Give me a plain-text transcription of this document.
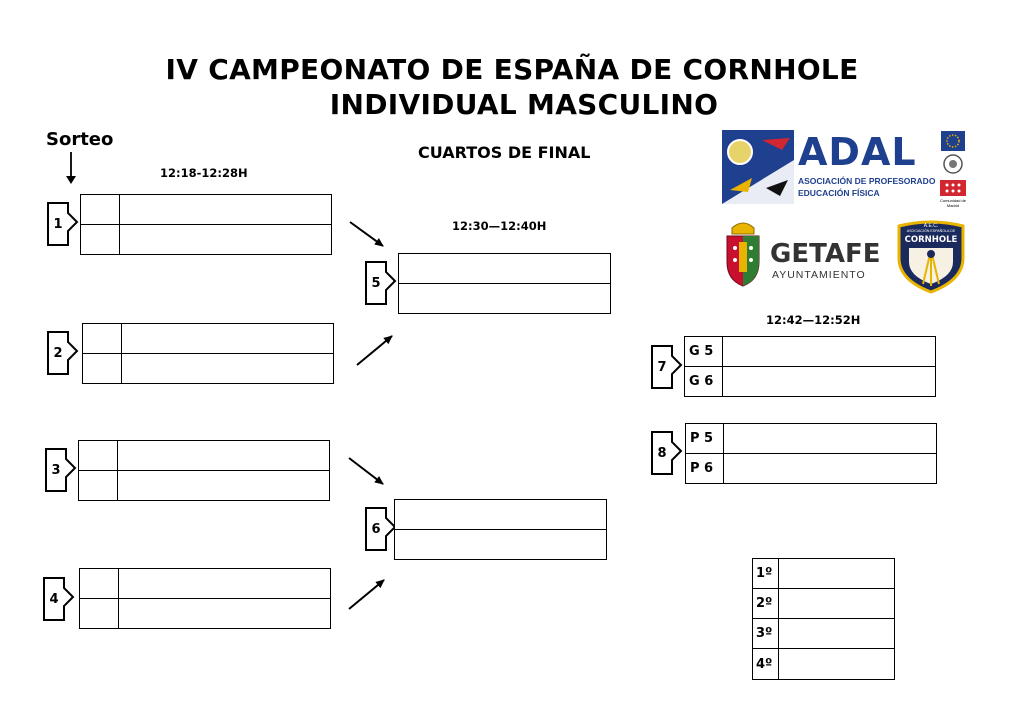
IV CAMPEONATO DE ESPAÑA DE CORNHOLE
INDIVIDUAL MASCULINO
Sorteo
CUARTOS DE FINAL
12:18-12:28H
12:30—12:40H
12:42—12:52H
1
2
3
4
5
6
7
G 5
G 6
8
P 5
P 6
1º
2º
3º
4º
ADAL
ASOCIACIÓN DE PROFESORADO
EDUCACIÓN FÍSICA
Comunidad de Madrid
GETAFE
AYUNTAMIENTO
A.E.C.
ASOCIACIÓN ESPAÑOLA DE
CORNHOLE
